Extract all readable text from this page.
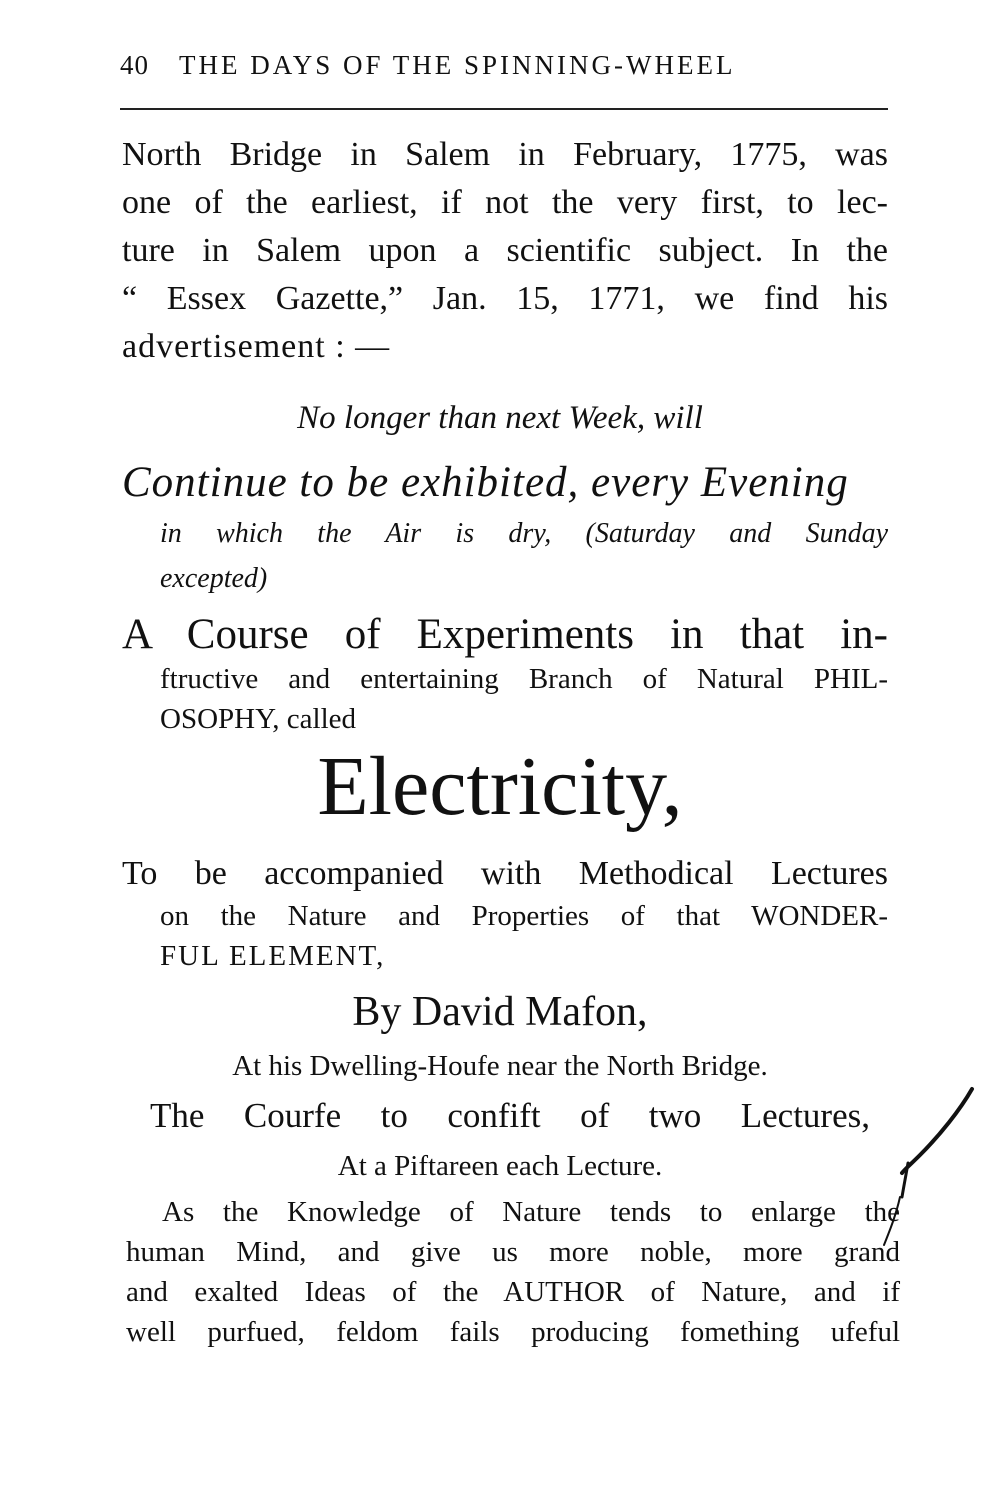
40 THE DAYS OF THE SPINNING-WHEEL

North Bridge in Salem in February, 1775, was

one of the earliest, if not the very first, to lec-

ture in Salem upon a scientific subject. In the

“ Essex Gazette,” Jan. 15, 1771, we find his

advertisement : —

No longer than next Week, will

Continue to be exhibited, every Evening

in which the Air is dry, (Saturday and Sunday

excepted)

A Course of Experiments in that in-

ftructive and entertaining Branch of Natural PHIL-

OSOPHY, called

Electricity,

To be accompanied with Methodical Lectures

on the Nature and Properties of that WONDER-

FUL ELEMENT,

By David Mafon,

At his Dwelling-Houfe near the North Bridge.

The Courfe to confift of two Lectures,

At a Piftareen each Lecture.

As the Knowledge of Nature tends to enlarge the

human Mind, and give us more noble, more grand

and exalted Ideas of the AUTHOR of Nature, and if

well purfued, feldom fails producing fomething ufeful
